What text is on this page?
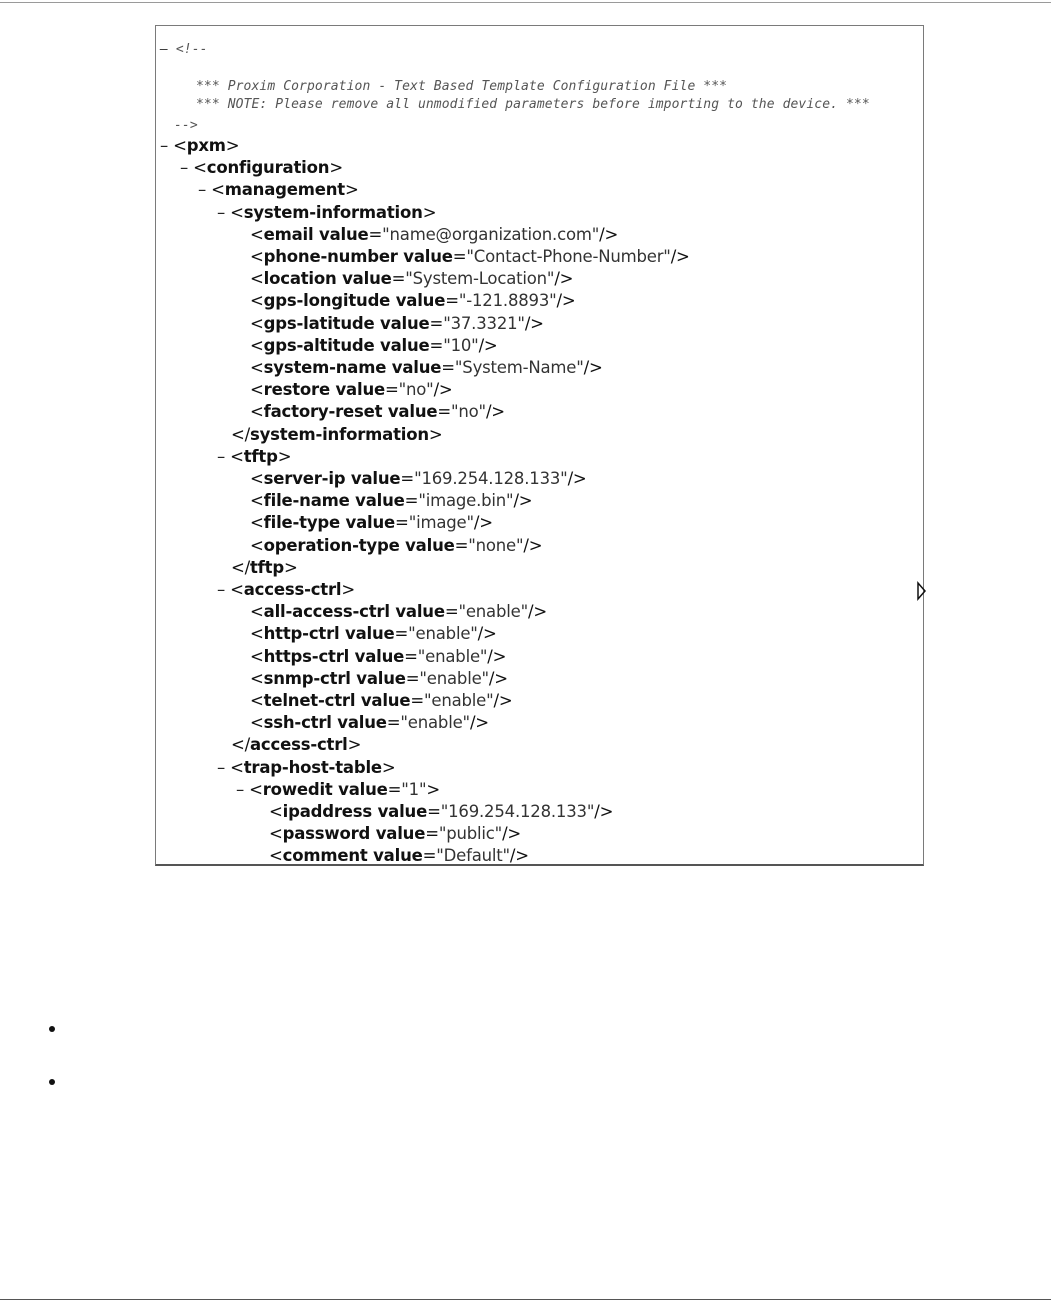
– <!--
*** Proxim Corporation - Text Based Template Configuration File ***
*** NOTE: Please remove all unmodified parameters before importing to the device. ***
-->
– <pxm>
– <configuration>
– <management>
– <system-information>
<email value="name@organization.com"/>
<phone-number value="Contact-Phone-Number"/>
<location value="System-Location"/>
<gps-longitude value="-121.8893"/>
<gps-latitude value="37.3321"/>
<gps-altitude value="10"/>
<system-name value="System-Name"/>
<restore value="no"/>
<factory-reset value="no"/>
</system-information>
– <tftp>
<server-ip value="169.254.128.133"/>
<file-name value="image.bin"/>
<file-type value="image"/>
<operation-type value="none"/>
</tftp>
– <access-ctrl>
<all-access-ctrl value="enable"/>
<http-ctrl value="enable"/>
<https-ctrl value="enable"/>
<snmp-ctrl value="enable"/>
<telnet-ctrl value="enable"/>
<ssh-ctrl value="enable"/>
</access-ctrl>
– <trap-host-table>
– <rowedit value="1">
<ipaddress value="169.254.128.133"/>
<password value="public"/>
<comment value="Default"/>
